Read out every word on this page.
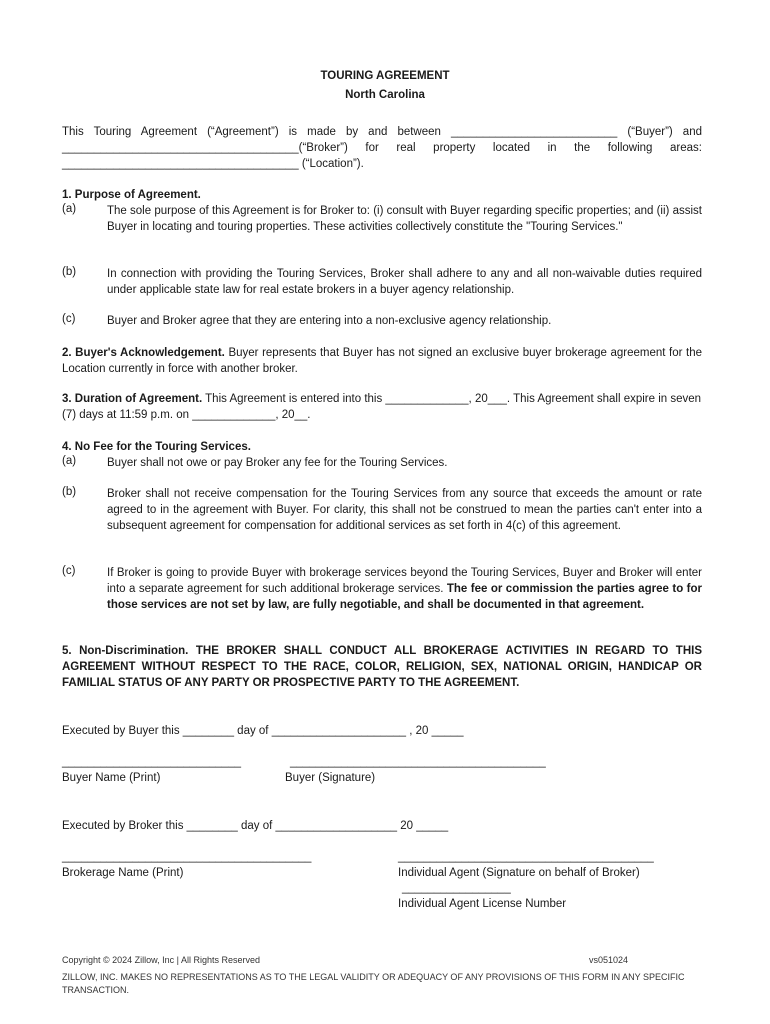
TOURING AGREEMENT
North Carolina
This Touring Agreement (“Agreement”) is made by and between __________________________ (“Buyer”) and
_____________________________________(“Broker”) for real property located in the following areas:
_____________________________________ (“Location”).
1. Purpose of Agreement.
(a)	The sole purpose of this Agreement is for Broker to: (i) consult with Buyer regarding specific properties; and (ii) assist Buyer in locating and touring properties. These activities collectively constitute the "Touring Services."
(b)	In connection with providing the Touring Services, Broker shall adhere to any and all non-waivable duties required under applicable state law for real estate brokers in a buyer agency relationship.
(c)	Buyer and Broker agree that they are entering into a non-exclusive agency relationship.
2. Buyer's Acknowledgement. Buyer represents that Buyer has not signed an exclusive buyer brokerage agreement for the Location currently in force with another broker.
3. Duration of Agreement. This Agreement is entered into this _____________, 20___. This Agreement shall expire in seven (7) days at 11:59 p.m. on _____________, 20__.
4. No Fee for the Touring Services.
(a)	Buyer shall not owe or pay Broker any fee for the Touring Services.
(b)	Broker shall not receive compensation for the Touring Services from any source that exceeds the amount or rate agreed to in the agreement with Buyer. For clarity, this shall not be construed to mean the parties can't enter into a subsequent agreement for compensation for additional services as set forth in 4(c) of this agreement.
(c)	If Broker is going to provide Buyer with brokerage services beyond the Touring Services, Buyer and Broker will enter into a separate agreement for such additional brokerage services. The fee or commission the parties agree to for those services are not set by law, are fully negotiable, and shall be documented in that agreement.
5. Non-Discrimination. THE BROKER SHALL CONDUCT ALL BROKERAGE ACTIVITIES IN REGARD TO THIS AGREEMENT WITHOUT RESPECT TO THE RACE, COLOR, RELIGION, SEX, NATIONAL ORIGIN, HANDICAP OR FAMILIAL STATUS OF ANY PARTY OR PROSPECTIVE PARTY TO THE AGREEMENT.
Executed by Buyer this ________ day of _____________________ , 20 _____
____________________________	________________________________________
Buyer Name (Print)	Buyer (Signature)
Executed by Broker this ________ day of ___________________ 20 _____
_______________________________________	________________________________________
Brokerage Name (Print)	Individual Agent (Signature on behalf of Broker)
_________________
Individual Agent License Number
Copyright © 2024 Zillow, Inc | All Rights Reserved	vs051024
ZILLOW, INC. MAKES NO REPRESENTATIONS AS TO THE LEGAL VALIDITY OR ADEQUACY OF ANY PROVISIONS OF THIS FORM IN ANY SPECIFIC TRANSACTION.
